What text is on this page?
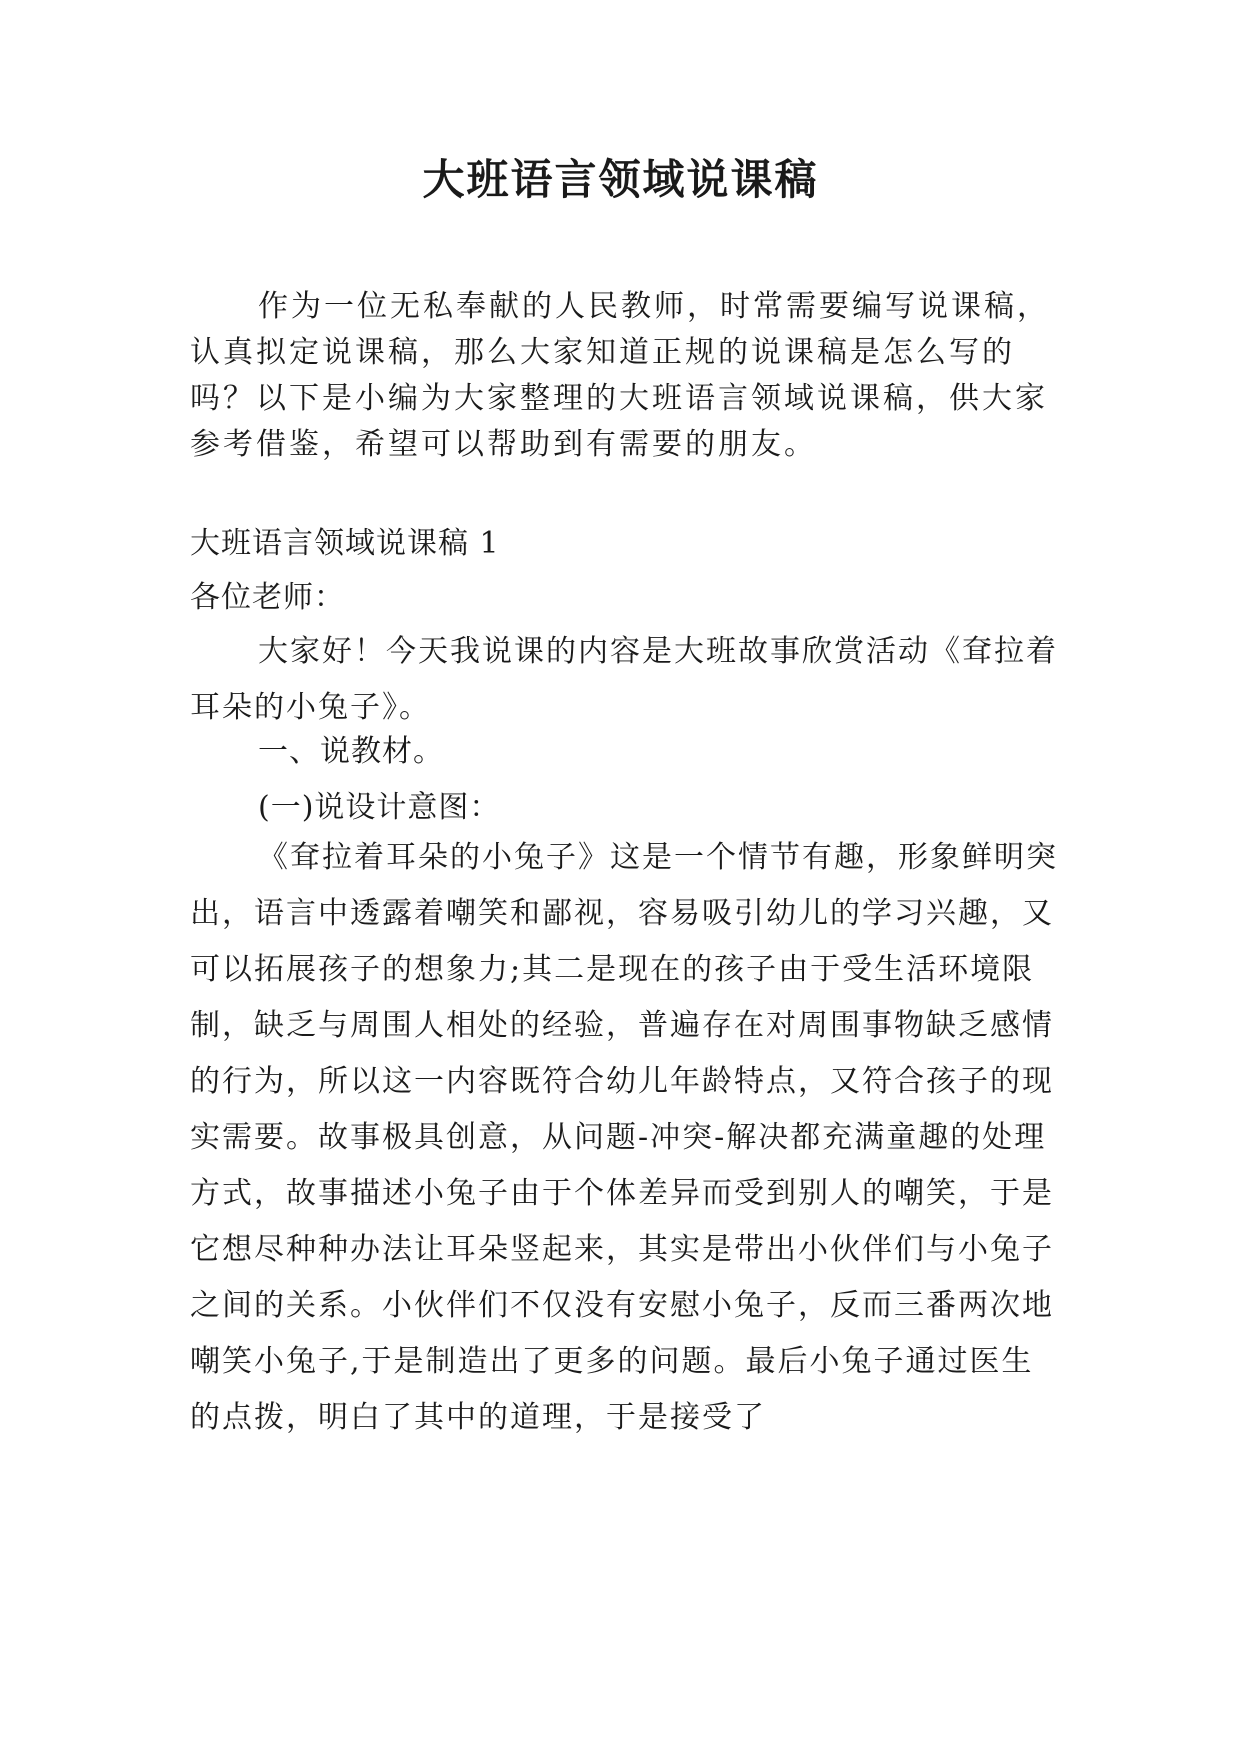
大班语言领域说课稿

作为一位无私奉献的人民教师，时常需要编写说课稿，认真拟定说课稿，那么大家知道正规的说课稿是怎么写的吗？以下是小编为大家整理的大班语言领域说课稿，供大家参考借鉴，希望可以帮助到有需要的朋友。

大班语言领域说课稿 1

各位老师：

大家好！今天我说课的内容是大班故事欣赏活动《耷拉着耳朵的小兔子》。

一、说教材。

(一)说设计意图：

《耷拉着耳朵的小兔子》这是一个情节有趣，形象鲜明突出，语言中透露着嘲笑和鄙视，容易吸引幼儿的学习兴趣，又可以拓展孩子的想象力;其二是现在的孩子由于受生活环境限制，缺乏与周围人相处的经验，普遍存在对周围事物缺乏感情的行为，所以这一内容既符合幼儿年龄特点，又符合孩子的现实需要。故事极具创意，从问题-冲突-解决都充满童趣的处理方式，故事描述小兔子由于个体差异而受到别人的嘲笑，于是它想尽种种办法让耳朵竖起来，其实是带出小伙伴们与小兔子之间的关系。小伙伴们不仅没有安慰小兔子，反而三番两次地嘲笑小兔子,于是制造出了更多的问题。最后小兔子通过医生的点拨，明白了其中的道理，于是接受了
